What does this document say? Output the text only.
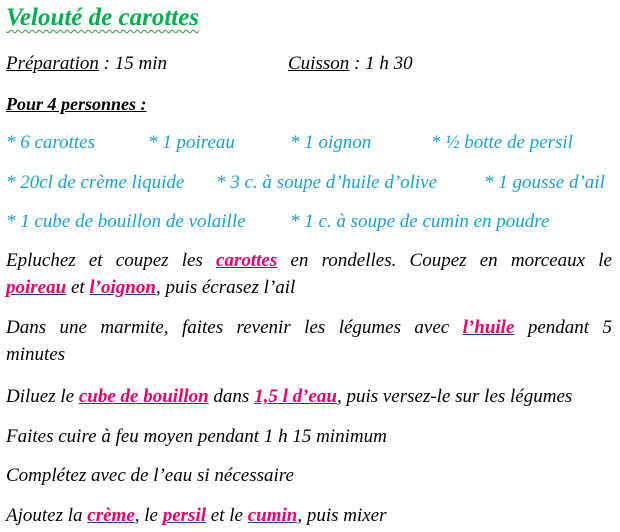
Velouté de carottes
Préparation : 15 min	Cuisson : 1 h 30
Pour 4 personnes :
* 6 carottes	* 1 poireau	* 1 oignon	* ½ botte de persil
* 20cl de crème liquide * 3 c. à soupe d’huile d’olive * 1 gousse d’ail
* 1 cube de bouillon de volaille * 1 c. à soupe de cumin en poudre
Epluchez et coupez les carottes en rondelles. Coupez en morceaux le
poireau et l’oignon, puis écrasez l’ail
Dans une marmite, faites revenir les légumes avec l’huile pendant 5
minutes
Diluez le cube de bouillon dans 1,5 l d’eau, puis versez-le sur les légumes
Faites cuire à feu moyen pendant 1 h 15 minimum
Complétez avec de l’eau si nécessaire
Ajoutez la crème, le persil et le cumin, puis mixer
